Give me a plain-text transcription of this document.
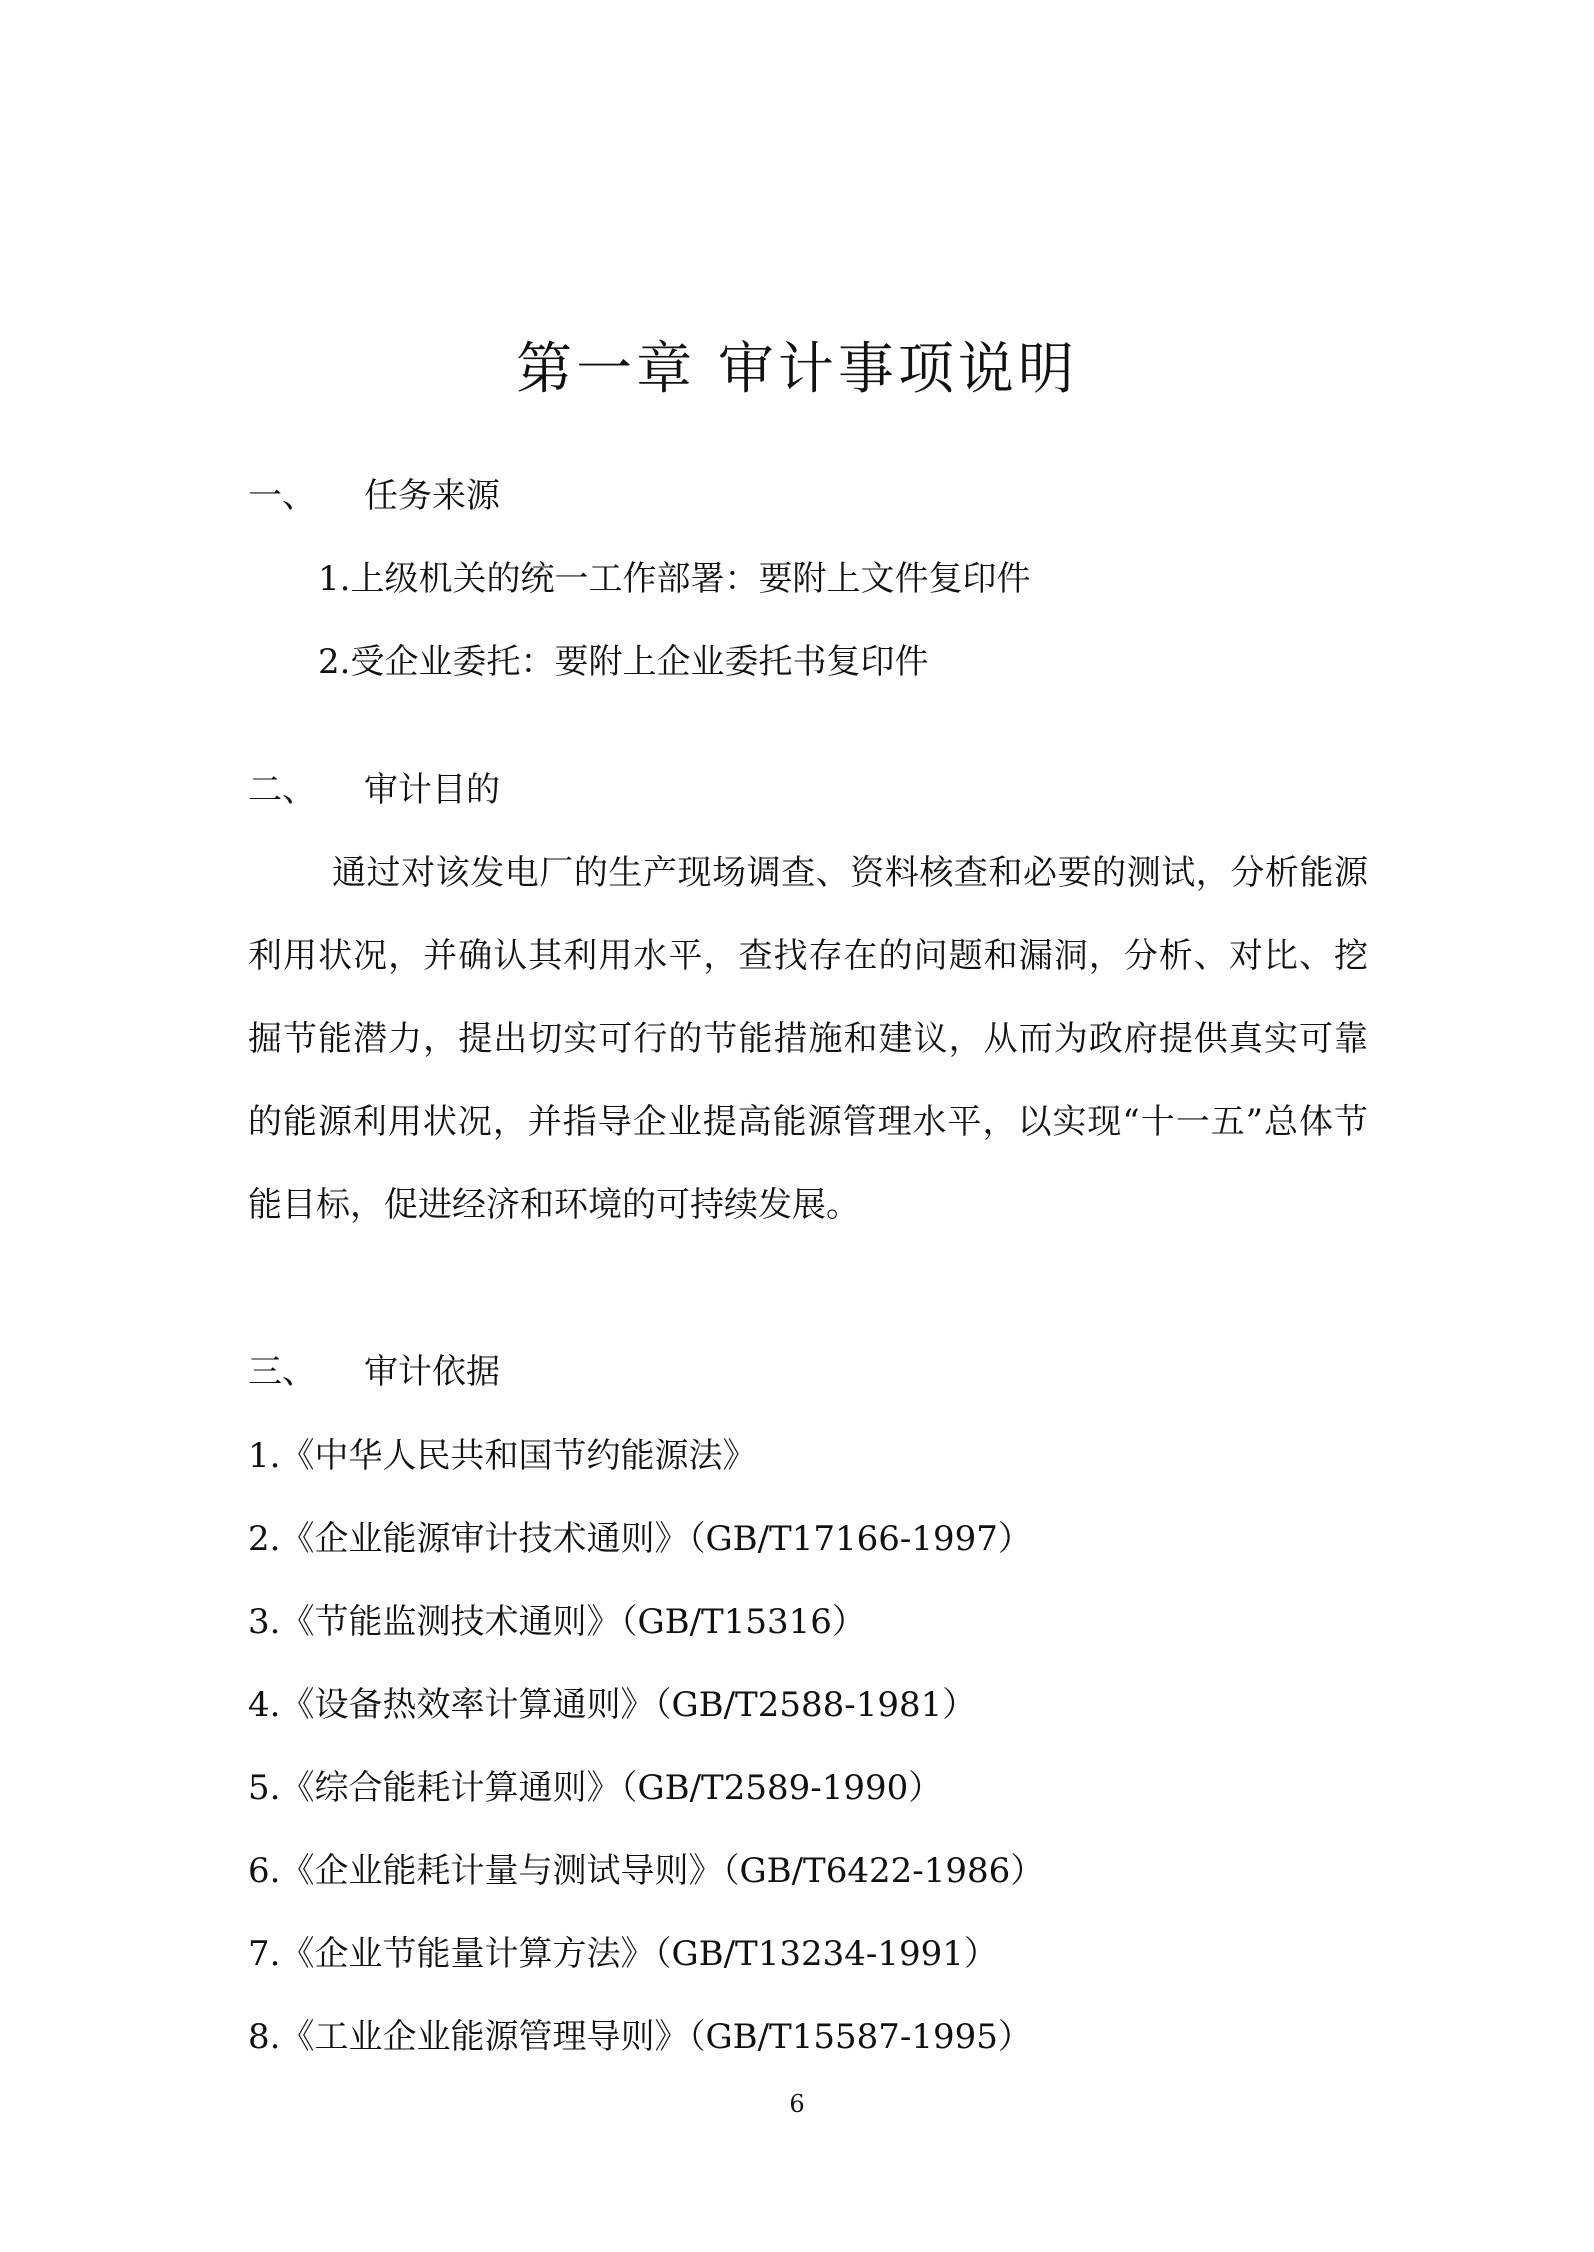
第一章 审计事项说明
一、 任务来源
1.上级机关的统一工作部署：要附上文件复印件
2.受企业委托：要附上企业委托书复印件
二、 审计目的

通过对该发电厂的生产现场调查、资料核查和必要的测试，分析能源利用状况，并确认其利用水平，查找存在的问题和漏洞，分析、对比、挖掘节能潜力，提出切实可行的节能措施和建议，从而为政府提供真实可靠的能源利用状况，并指导企业提高能源管理水平，以实现“十一五”总体节能目标，促进经济和环境的可持续发展。

三、 审计依据
1.《中华人民共和国节约能源法》
2.《企业能源审计技术通则》（GB/T17166-1997）
3.《节能监测技术通则》（GB/T15316）
4.《设备热效率计算通则》（GB/T2588-1981）
5.《综合能耗计算通则》（GB/T2589-1990）
6.《企业能耗计量与测试导则》（GB/T6422-1986）
7.《企业节能量计算方法》（GB/T13234-1991）
8.《工业企业能源管理导则》（GB/T15587-1995）
6
